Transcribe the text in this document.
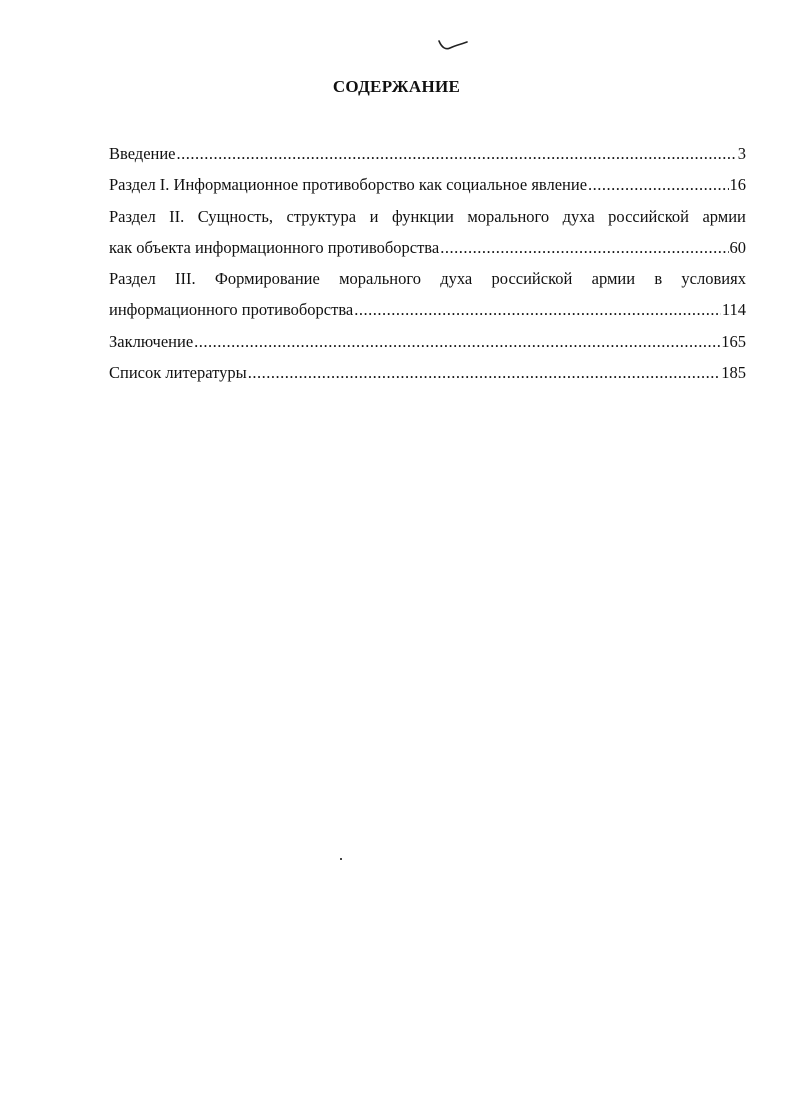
СОДЕРЖАНИЕ
Введение .....	3
Раздел I. Информационное противоборство как социальное явление .....	16
Раздел II. Сущность, структура и функции морального духа российской армии
как объекта информационного противоборства .....	60
Раздел III. Формирование морального духа российской армии в условиях
информационного противоборства .....	114
Заключение .....	165
Список литературы .....	185
